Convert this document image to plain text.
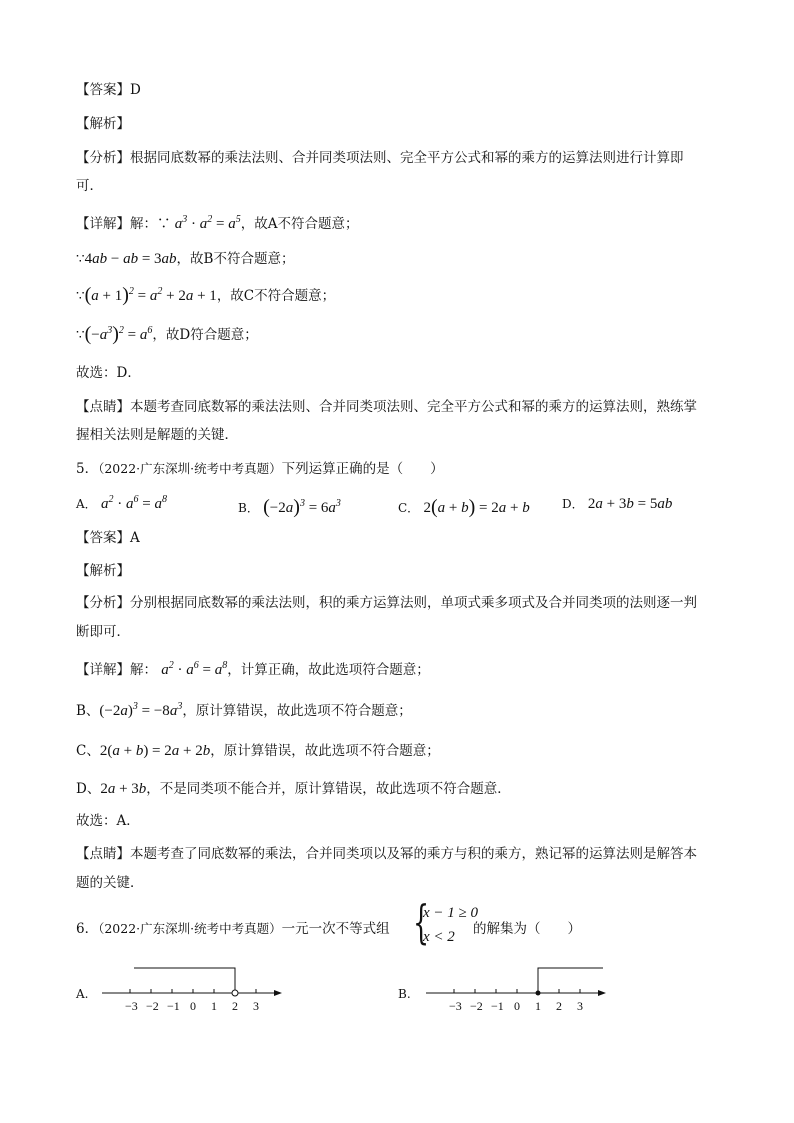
【答案】D
【解析】
【分析】根据同底数幂的乘法法则、合并同类项法则、完全平方公式和幂的乘方的运算法则进行计算即
可．
【详解】解：∵ $a^3 \cdot a^2 = a^5$，故A不符合题意；
∵4ab − ab = 3ab，故B不符合题意；
∵(a + $1)^2 = a^2 + 2a + 1$，故C不符合题意；
$\because(-a^3)^2 = a^6$，故D符合题意；
故选：D．
【点睛】本题考查同底数幂的乘法法则、合并同类项法则、完全平方公式和幂的乘方的运算法则，熟练掌
握相关法则是解题的关键．
5．（2022·广东深圳·统考中考真题）下列运算正确的是（　　）
A． $a^2 \cdot a^6 = a^8$
B． $(-2a)^3 = 6a^3$	C． 2(a + b) = 2a + b	D． 2a + 3b = 5ab
【答案】A
【解析】
【分析】分别根据同底数幂的乘法法则，积的乘方运算法则，单项式乘多项式及合并同类项的法则逐一判
断即可．
【详解】解： $a^2 \cdot a^6 = a^8$，计算正确，故此选项符合题意；
B、$(-2a)^3 = -8a^3$，原计算错误，故此选项不符合题意；
C、2(a + b) = 2a + 2b，原计算错误，故此选项不符合题意；
D、2a + 3b，不是同类项不能合并，原计算错误，故此选项不符合题意．
故选：A．
【点睛】本题考查了同底数幂的乘法，合并同类项以及幂的乘方与积的乘方，熟记幂的运算法则是解答本
题的关键．
6．（2022·广东深圳·统考中考真题）一元一次不等式组 {
x − 1 ≥ 0
x < 2 的解集为（　　）
A.
−3 −2 −1 0 1 2 3
B.
−3 −2 −1 0 1 2 3
